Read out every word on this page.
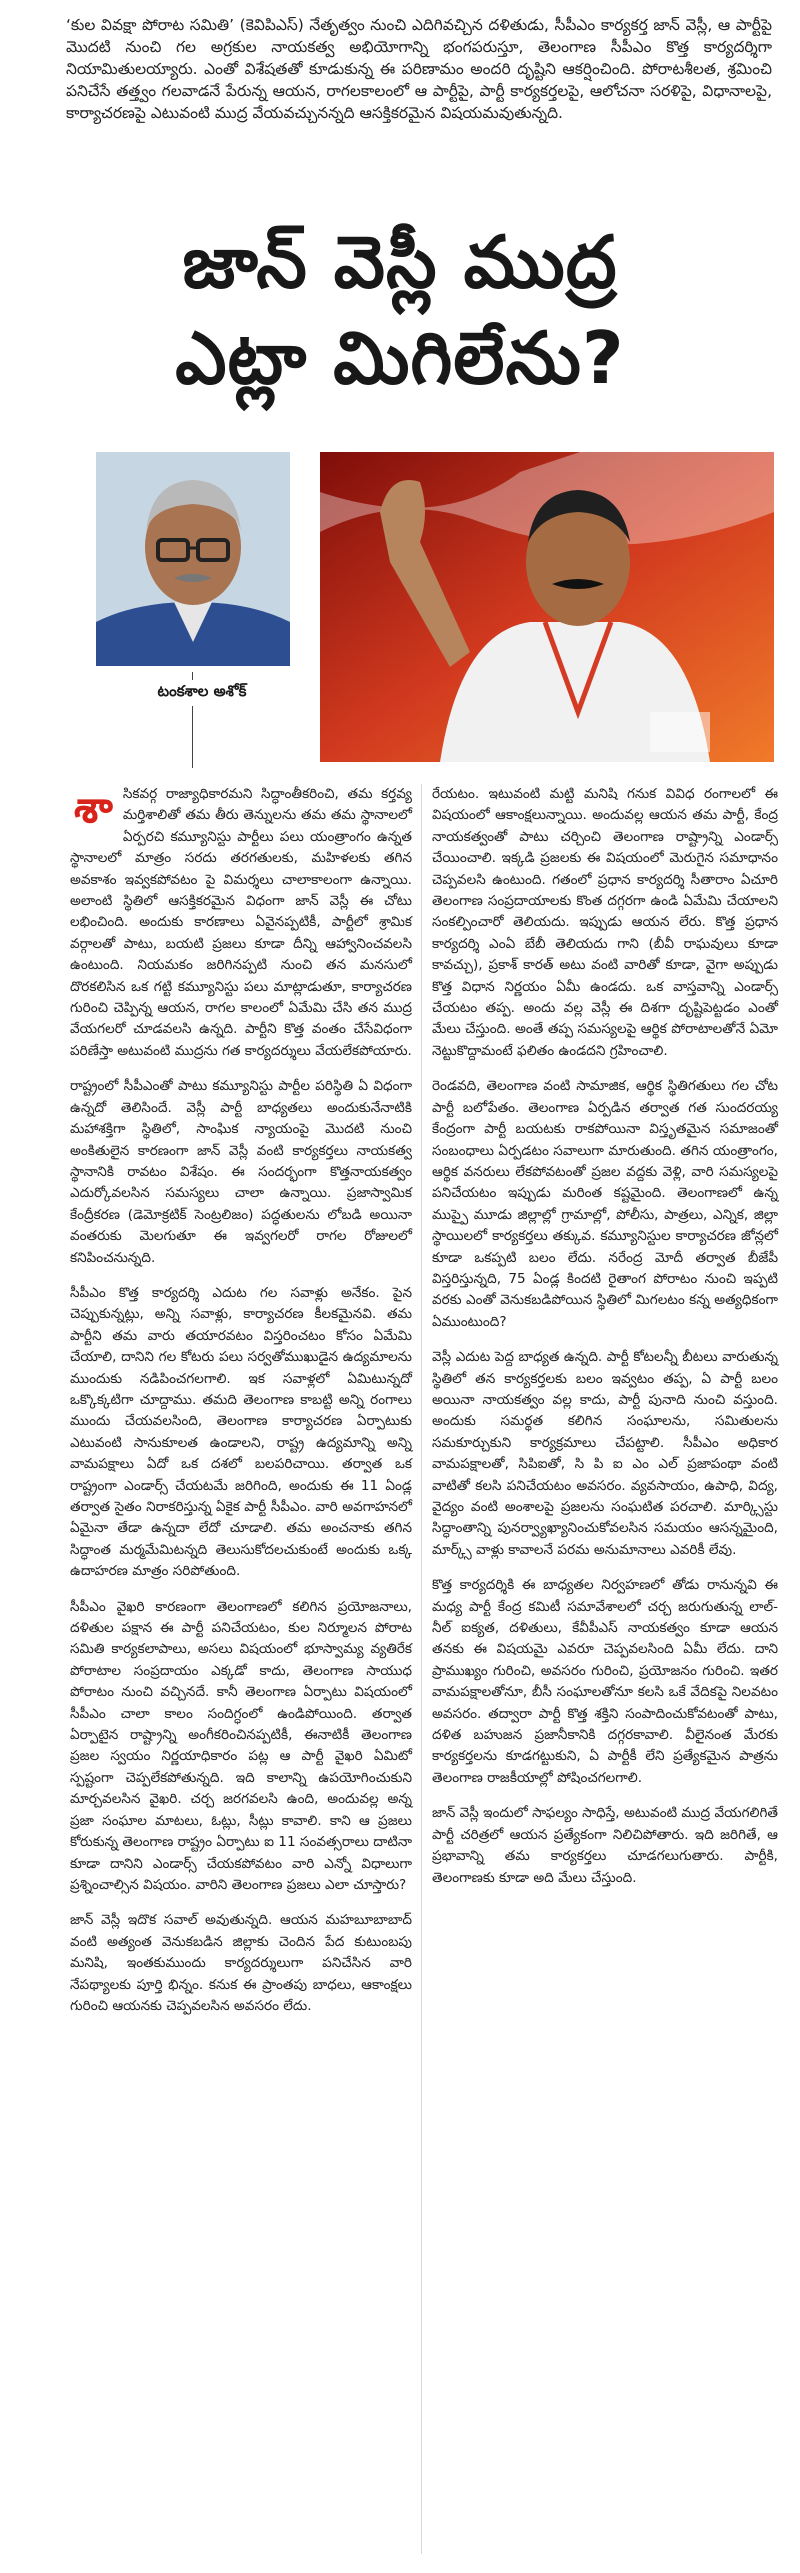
‘కుల వివక్షా పోరాట సమితి’ (కెవిపిఎస్) నేతృత్వం నుంచి ఎదిగివచ్చిన దళితుడు, సీపీఎం కార్యకర్త జాన్ వెస్లీ, ఆ పార్టీపై మొదటి నుంచి గల అగ్రకుల నాయకత్వ అభియోగాన్ని భంగపరుస్తూ, తెలంగాణ సీపీఎం కొత్త కార్యదర్శిగా నియామితులయ్యారు. ఎంతో విశేషతతో కూడుకున్న ఈ పరిణామం అందరి దృష్టిని ఆకర్షించింది. పోరాటశీలత, శ్రమించి పనిచేసే తత్త్వం గలవాడనే పేరున్న ఆయన, రాగలకాలంలో ఆ పార్టీపై, పార్టీ కార్యకర్తలపై, ఆలోచనా సరళిపై, విధానాలపై, కార్యాచరణపై ఎటువంటి ముద్ర వేయవచ్చునన్నది ఆసక్తికరమైన విషయమవుతున్నది.

జాన్ వెస్లీ ముద్ర
ఎట్లా మిగిలేను?
టంకశాల అశోక్

శాసికవర్గ రాజ్యాధికారమని సిద్ధాంతీకరించి, తమ కర్తవ్య మర్తిశాలితో తమ తీరు తెన్నులను తమ తమ స్థానాలలో ఏర్పరచి కమ్యూనిస్టు పార్టీలు పలు యంత్రాంగం ఉన్నత స్థానాలలో మాత్రం సరదు తరగతులకు, మహిళలకు తగిన అవకాశం ఇవ్వకపోవటం పై విమర్శలు చాలాకాలంగా ఉన్నాయి. అలాంటి స్థితిలో ఆసక్తికరమైన విధంగా జాన్ వెస్లీ ఈ చోటు లభించింది. అందుకు కారణాలు ఏవైనప్పటికీ, పార్టీలో శ్రామిక వర్గాలతో పాటు, బయటి ప్రజలు కూడా దీన్ని ఆహ్వానించవలసి ఉంటుంది. నియమకం జరిగినప్పటి నుంచి తన మనసులో దొరకలిసిన ఒక గట్టి కమ్యూనిస్టు పలు మాట్లాడుతూ, కార్యాచరణ గురించి చెప్పిన్న ఆయన, రాగల కాలంలో ఏమేమి చేసి తన ముద్ర వేయగలరో చూడవలసి ఉన్నది. పార్టీని కొత్త వంతం చేసేవిధంగా పరిణేస్తా అటువంటి ముద్రను గత కార్యదర్శులు వేయలేకపోయారు.

రాష్ట్రంలో సీపీఎంతో పాటు కమ్యూనిస్టు పార్టీల పరిస్థితి ఏ విధంగా ఉన్నదో తెలిసిందే. వెస్లీ పార్టీ బాధ్యతలు అందుకునేనాటికి మహాశక్తిగా స్థితిలో, సాంఘిక న్యాయంపై మొదటి నుంచి అంకితులైన కారణంగా జాన్ వెస్లీ వంటి కార్యకర్తలు నాయకత్వ స్థానానికి రావటం విశేషం. ఈ సందర్భంగా కొత్తనాయకత్వం ఎదుర్కోవలసిన సమస్యలు చాలా ఉన్నాయి. ప్రజాస్వామిక కేంద్రీకరణ (డెమోక్రటిక్ సెంట్రలిజం) పద్ధతులను లోబడి అయినా వంతరుకు మెలగుతూ ఈ ఇవ్వగలరో రాగల రోజులలో కనిపించనున్నది.

సీపీఎం కొత్త కార్యదర్శి ఎదుట గల సవాళ్లు అనేకం. పైన చెప్పుకున్నట్లు, అన్ని సవాళ్లు, కార్యాచరణ కీలకమైనవి. తమ పార్టీని తమ వారు తయారవటం విస్తరించటం కోసం ఏమేమి చేయాలి, దానిని గల కోటరు పలు సర్వతోముఖుడైన ఉద్యమాలను ముందుకు నడిపించగలగాలి. ఇక సవాళ్లలో ఏమిటున్నదో ఒక్కొక్కటిగా చూద్దాము. తమది తెలంగాణ కాబట్టి అన్ని రంగాలు ముందు చేయవలసింది, తెలంగాణ కార్యాచరణ ఏర్పాటుకు ఎటువంటి సానుకూలత ఉండాలని, రాష్ట్ర ఉద్యమాన్ని అన్ని వామపక్షాలు ఏదో ఒక దశలో బలపరిచాయి. తర్వాత ఒక రాష్ట్రంగా ఎండార్స్ చేయటమే జరిగింది, అందుకు ఈ 11 ఏండ్ల తర్వాత సైతం నిరాకరిస్తున్న ఏకైక పార్టీ సీపీఎం. వారి అవగాహనలో ఏమైనా తేడా ఉన్నదా లేదో చూడాలి. తమ అంచనాకు తగిన సిద్ధాంత మర్మమేమిటన్నది తెలుసుకోదలచుకుంటే అందుకు ఒక్క ఉదాహరణ మాత్రం సరిపోతుంది.

సీపీఎం వైఖరి కారణంగా తెలంగాణలో కలిగిన ప్రయోజనాలు, దళితుల పక్షాన ఈ పార్టీ పనిచేయటం, కుల నిర్మూలన పోరాట సమితి కార్యకలాపాలు, అసలు విషయంలో భూస్వామ్య వ్యతిరేక పోరాటాల సంప్రదాయం ఎక్కడో కాదు, తెలంగాణ సాయుధ పోరాటం నుంచి వచ్చినదే. కానీ తెలంగాణ ఏర్పాటు విషయంలో సీపీఎం చాలా కాలం సందిగ్ధంలో ఉండిపోయింది. తర్వాత ఏర్పాటైన రాష్ట్రాన్ని అంగీకరించినప్పటికీ, ఈనాటికీ తెలంగాణ ప్రజల స్వయం నిర్ణయాధికారం పట్ల ఆ పార్టీ వైఖరి ఏమిటో స్పష్టంగా చెప్పలేకపోతున్నది. ఇది కాలాన్ని ఉపయోగించుకుని మార్చవలసిన వైఖరి. చర్చ జరగవలసి ఉంది, అందువల్ల అన్న ప్రజా సంఘాల మాటలు, ఓట్లు, సీట్లు కావాలి. కాని ఆ ప్రజలు కోరుకున్న తెలంగాణ రాష్ట్రం ఏర్పాటు ఐ 11 సంవత్సరాలు దాటినా కూడా దానిని ఎండార్స్ చేయకపోవటం వారి ఎన్నో విధాలుగా ప్రశ్నించాల్సిన విషయం. వారిని తెలంగాణ ప్రజలు ఎలా చూస్తారు?

జాన్ వెస్లీ ఇదొక సవాల్ అవుతున్నది. ఆయన మహబూబాబాద్ వంటి అత్యంత వెనుకబడిన జిల్లాకు చెందిన పేద కుటుంబపు మనిషి, ఇంతకుముందు కార్యదర్శులుగా పనిచేసిన వారి నేపథ్యాలకు పూర్తి భిన్నం. కనుక ఈ ప్రాంతపు బాధలు, ఆకాంక్షలు గురించి ఆయనకు చెప్పవలసిన అవసరం లేదు.

రేయటం. ఇటువంటి మట్టి మనిషి గనుక వివిధ రంగాలలో ఈ విషయంలో ఆకాంక్షలున్నాయి. అందువల్ల ఆయన తమ పార్టీ, కేంద్ర నాయకత్వంతో పాటు చర్చించి తెలంగాణ రాష్ట్రాన్ని ఎండార్స్ చేయించాలి. ఇక్కడి ప్రజలకు ఈ విషయంలో మెరుగైన సమాధానం చెప్పవలసి ఉంటుంది. గతంలో ప్రధాన కార్యదర్శి సీతారాం ఏచూరి తెలంగాణ సంప్రదాయాలకు కొంత దగ్గరగా ఉండి ఏమేమి చేయాలని సంకల్పించారో తెలియదు. ఇప్పుడు ఆయన లేరు. కొత్త ప్రధాన కార్యదర్శి ఎంఏ బేబీ తెలియదు గాని (బీవీ రాఘవులు కూడా కావచ్చు), ప్రకాశ్ కారత్ అటు వంటి వారితో కూడా, వైగా అప్పుడు కొత్త విధాన నిర్ణయం ఏమీ ఉండదు. ఒక వాస్తవాన్ని ఎండార్స్ చేయటం తప్ప. అందు వల్ల వెస్లీ ఈ దిశగా దృష్టిపెట్టడం ఎంతో మేలు చేస్తుంది. అంతే తప్ప సమస్యలపై ఆర్థిక పోరాటాలతోనే ఏమో నెట్టుకొద్దామంటే ఫలితం ఉండదని గ్రహించాలి.

రెండవది, తెలంగాణ వంటి సామాజిక, ఆర్థిక స్థితిగతులు గల చోట పార్టీ బలోపేతం. తెలంగాణ ఏర్పడిన తర్వాత గత సుందరయ్య కేంద్రంగా పార్టీ బయటకు రాకపోయినా విస్తృతమైన సమాజంతో సంబంధాలు ఏర్పడటం సవాలుగా మారుతుంది. తగిన యంత్రాంగం, ఆర్థిక వనరులు లేకపోవటంతో ప్రజల వద్దకు వెళ్లి, వారి సమస్యలపై పనిచేయటం ఇప్పుడు మరింత కష్టమైంది. తెలంగాణలో ఉన్న ముప్పై మూడు జిల్లాల్లో గ్రామాల్లో, పోలీసు, పాత్రలు, ఎన్నిక, జిల్లా స్థాయిలలో కార్యకర్తలు తక్కువ. కమ్యూనిస్టుల కార్యాచరణ జోన్లలో కూడా ఒకప్పటి బలం లేదు. నరేంద్ర మోదీ తర్వాత బీజేపీ విస్తరిస్తున్నది, 75 ఏండ్ల కిందటి రైతాంగ పోరాటం నుంచి ఇప్పటి వరకు ఎంతో వెనుకబడిపోయిన స్థితిలో మిగలటం కన్న అత్యధికంగా ఏముంటుంది?

వెస్లీ ఎదుట పెద్ద బాధ్యత ఉన్నది. పార్టీ కోటలన్నీ బీటలు వారుతున్న స్థితిలో తన కార్యకర్తలకు బలం ఇవ్వటం తప్ప, ఏ పార్టీ బలం అయినా నాయకత్వం వల్ల కాదు, పార్టీ పునాది నుంచి వస్తుంది. అందుకు సమర్థత కలిగిన సంఘాలను, సమితులను సమకూర్చుకుని కార్యక్రమాలు చేపట్టాలి. సీపీఎం అధికార వామపక్షాలతో, సిపిఐతో, సి పి ఐ ఎం ఎల్ ప్రజాపంథా వంటి వాటితో కలసి పనిచేయటం అవసరం. వ్యవసాయం, ఉపాధి, విద్య, వైద్యం వంటి అంశాలపై ప్రజలను సంఘటిత పరచాలి. మార్క్సిస్టు సిద్ధాంతాన్ని పునర్వ్యాఖ్యానించుకోవలసిన సమయం ఆసన్నమైంది, మార్క్స్ వాళ్లు కావాలనే పరమ అనుమానాలు ఎవరికీ లేవు.

కొత్త కార్యదర్శికి ఈ బాధ్యతల నిర్వహణలో తోడు రానున్నవి ఈ మధ్య పార్టీ కేంద్ర కమిటీ సమావేశాలలో చర్చ జరుగుతున్న లాల్-నీల్ ఐక్యత, దళితులు, కేవీపీఎస్ నాయకత్వం కూడా ఆయన తనకు ఈ విషయమై ఎవరూ చెప్పవలసింది ఏమీ లేదు. దాని ప్రాముఖ్యం గురించి, అవసరం గురించి, ప్రయోజనం గురించి. ఇతర వామపక్షాలతోనూ, బీసీ సంఘాలతోనూ కలసి ఒకే వేదికపై నిలవటం అవసరం. తద్వారా పార్టీ కొత్త శక్తిని సంపాదించుకోవటంతో పాటు, దళిత బహుజన ప్రజానీకానికి దగ్గరకావాలి. వీలైనంత మేరకు కార్యకర్తలను కూడగట్టుకుని, ఏ పార్టీకీ లేని ప్రత్యేకమైన పాత్రను తెలంగాణ రాజకీయాల్లో పోషించగలగాలి.

జాన్ వెస్లీ ఇందులో సాఫల్యం సాధిస్తే, అటువంటి ముద్ర వేయగలిగితే పార్టీ చరిత్రలో ఆయన ప్రత్యేకంగా నిలిచిపోతారు. ఇది జరిగితే, ఆ ప్రభావాన్ని తమ కార్యకర్తలు చూడగలుగుతారు. పార్టీకి, తెలంగాణకు కూడా అది మేలు చేస్తుంది.
